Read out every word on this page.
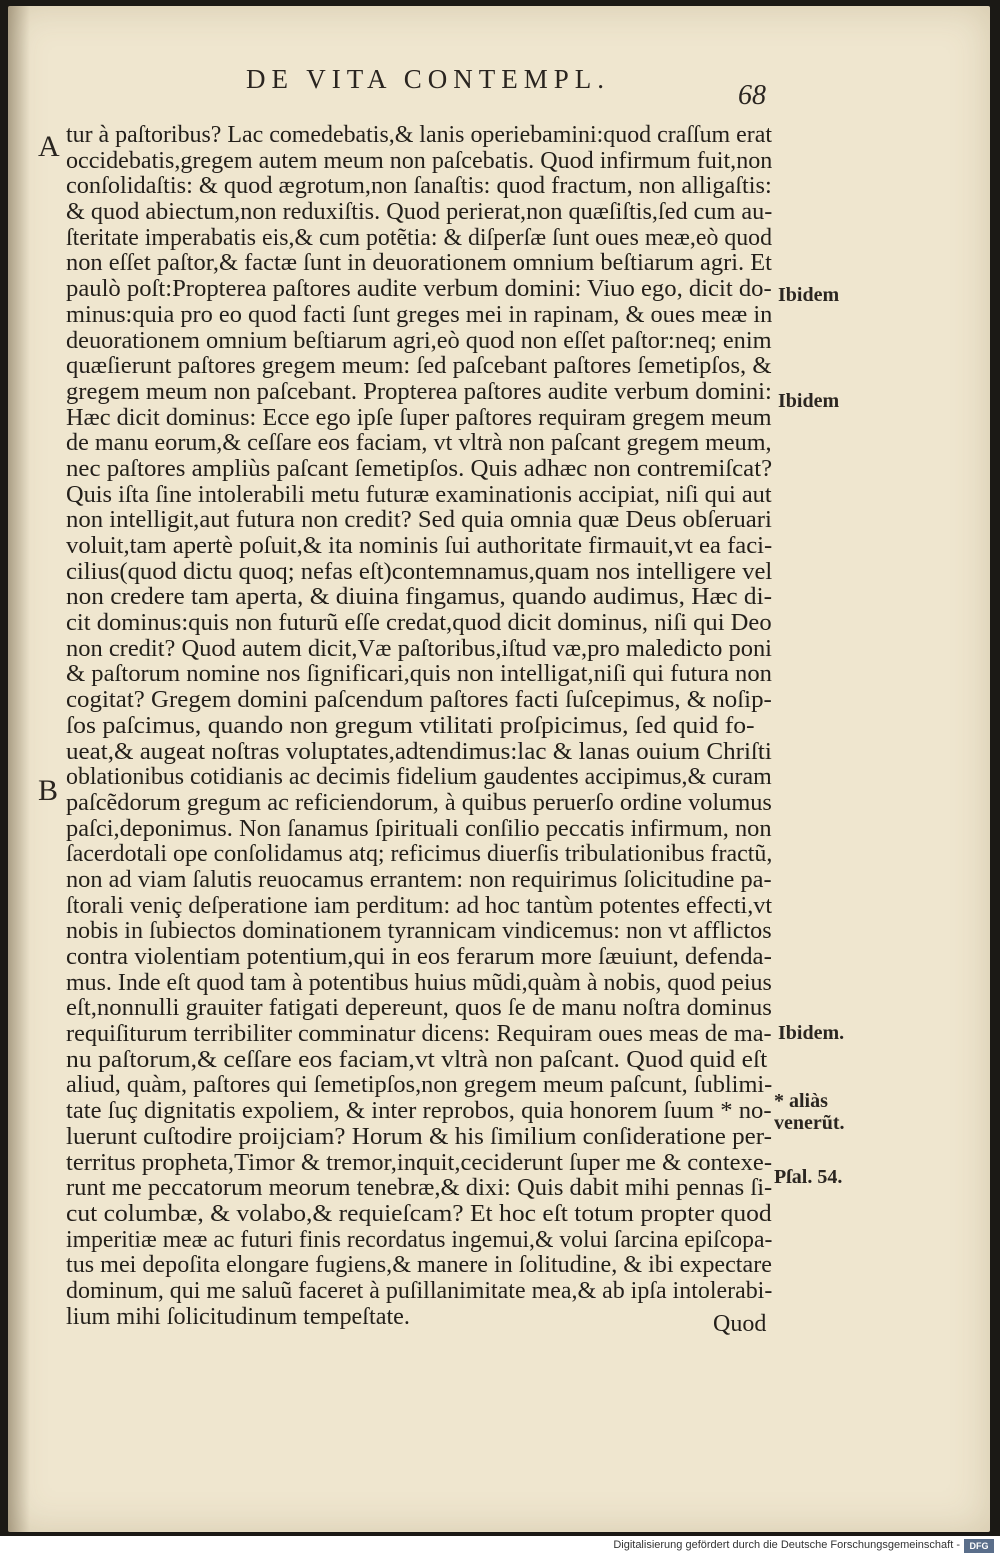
DE VITA CONTEMPL.
68
A
B
tur à paſtoribus? Lac comedebatis,& lanis operiebamini:quod craſſum erat
occidebatis,gregem autem meum non paſcebatis. Quod infirmum fuit,non
conſolidaſtis: & quod ægrotum,non ſanaſtis: quod fractum, non alligaſtis:
& quod abiectum,non reduxiſtis. Quod perierat,non quæſiſtis,ſed cum au-
ſteritate imperabatis eis,& cum potẽtia: & diſperſæ ſunt oues meæ,eò quod
non eſſet paſtor,& factæ ſunt in deuorationem omnium beſtiarum agri. Et
paulò poſt:Propterea paſtores audite verbum domini: Viuo ego, dicit do-
minus:quia pro eo quod facti ſunt greges mei in rapinam, & oues meæ in
deuorationem omnium beſtiarum agri,eò quod non eſſet paſtor:neq; enim
quæſierunt paſtores gregem meum: ſed paſcebant paſtores ſemetipſos, &
gregem meum non paſcebant. Propterea paſtores audite verbum domini:
Hæc dicit dominus: Ecce ego ipſe ſuper paſtores requiram gregem meum
de manu eorum,& ceſſare eos faciam, vt vltrà non paſcant gregem meum,
nec paſtores ampliùs paſcant ſemetipſos. Quis adhæc non contremiſcat?
Quis iſta ſine intolerabili metu futuræ examinationis accipiat, niſi qui aut
non intelligit,aut futura non credit? Sed quia omnia quæ Deus obſeruari
voluit,tam apertè poſuit,& ita nominis ſui authoritate firmauit,vt ea faci-
cilius(quod dictu quoq; nefas eſt)contemnamus,quam nos intelligere vel
non credere tam aperta, & diuina fingamus, quando audimus, Hæc di-
cit dominus:quis non futurũ eſſe credat,quod dicit dominus, niſi qui Deo
non credit? Quod autem dicit,Væ paſtoribus,iſtud væ,pro maledicto poni
& paſtorum nomine nos ſignificari,quis non intelligat,niſi qui futura non
cogitat? Gregem domini paſcendum paſtores facti ſuſcepimus, & noſip-
ſos paſcimus, quando non gregum vtilitati proſpicimus, ſed quid fo-
ueat,& augeat noſtras voluptates,adtendimus:lac & lanas ouium Chriſti
oblationibus cotidianis ac decimis fidelium gaudentes accipimus,& curam
paſcẽdorum gregum ac reficiendorum, à quibus peruerſo ordine volumus
paſci,deponimus. Non ſanamus ſpirituali conſilio peccatis infirmum, non
ſacerdotali ope conſolidamus atq; reficimus diuerſis tribulationibus fractũ,
non ad viam ſalutis reuocamus errantem: non requirimus ſolicitudine pa-
ſtorali veniç deſperatione iam perditum: ad hoc tantùm potentes effecti,vt
nobis in ſubiectos dominationem tyrannicam vindicemus: non vt afflictos
contra violentiam potentium,qui in eos ferarum more ſæuiunt, defenda-
mus. Inde eſt quod tam à potentibus huius mũdi,quàm à nobis, quod peius
eſt,nonnulli grauiter fatigati depereunt, quos ſe de manu noſtra dominus
requiſiturum terribiliter comminatur dicens: Requiram oues meas de ma-
nu paſtorum,& ceſſare eos faciam,vt vltrà non paſcant. Quod quid eſt
aliud, quàm, paſtores qui ſemetipſos,non gregem meum paſcunt, ſublimi-
tate ſuç dignitatis expoliem, & inter reprobos, quia honorem ſuum * no-
luerunt cuſtodire proijciam? Horum & his ſimilium conſideratione per-
territus propheta,Timor & tremor,inquit,ceciderunt ſuper me & contexe-
runt me peccatorum meorum tenebræ,& dixi: Quis dabit mihi pennas ſi-
cut columbæ, & volabo,& requieſcam? Et hoc eſt totum propter quod
imperitiæ meæ ac futuri finis recordatus ingemui,& volui ſarcina epiſcopa-
tus mei depoſita elongare fugiens,& manere in ſolitudine, & ibi expectare
dominum, qui me saluũ faceret à puſillanimitate mea,& ab ipſa intolerabi-
lium mihi ſolicitudinum tempeſtate.
Ibidem
Ibidem
Ibidem.
* aliàs venerũt.
Pſal. 54.
Quod
Digitalisierung gefördert durch die Deutsche Forschungsgemeinschaft -	DFG
